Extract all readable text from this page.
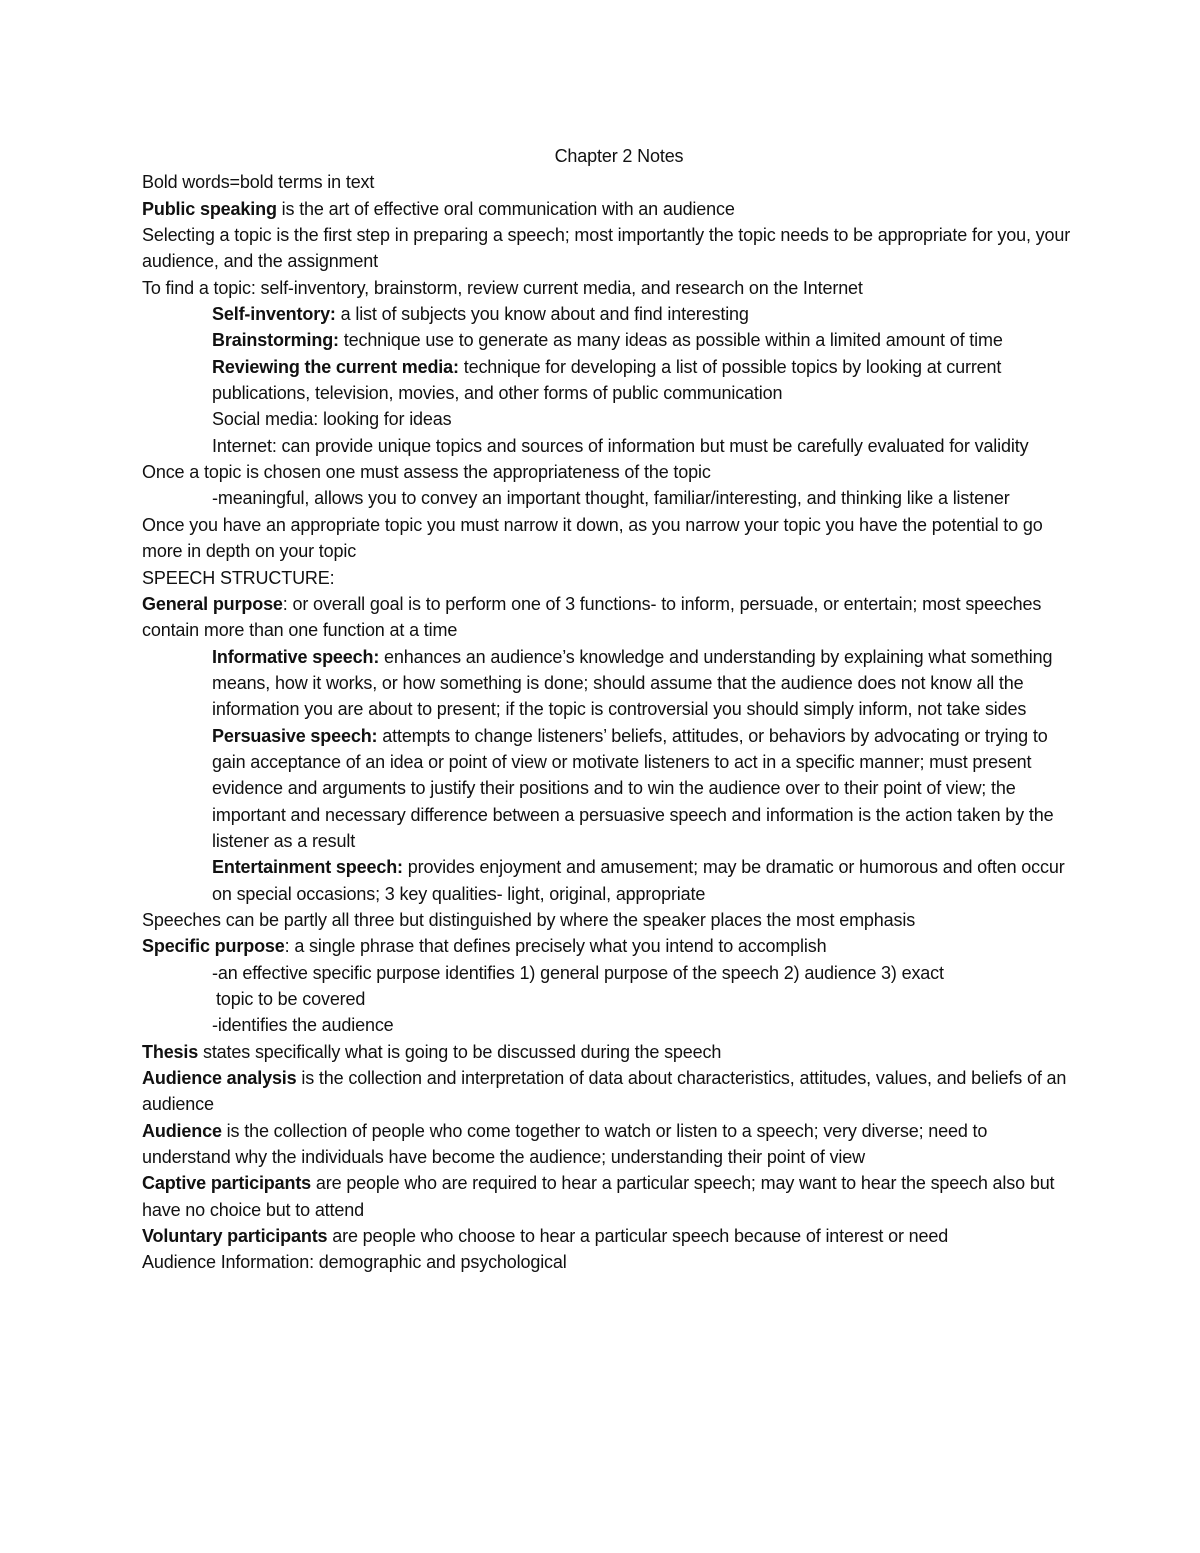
Chapter 2 Notes

Bold words=bold terms in text

Public speaking is the art of effective oral communication with an audience

Selecting a topic is the first step in preparing a speech; most importantly the topic needs to be appropriate for you, your audience, and the assignment

To find a topic: self-inventory, brainstorm, review current media, and research on the Internet

Self-inventory: a list of subjects you know about and find interesting

Brainstorming: technique use to generate as many ideas as possible within a limited amount of time

Reviewing the current media: technique for developing a list of possible topics by looking at current publications, television, movies, and other forms of public communication

Social media: looking for ideas

Internet: can provide unique topics and sources of information but must be carefully evaluated for validity

Once a topic is chosen one must assess the appropriateness of the topic

-meaningful, allows you to convey an important thought, familiar/interesting, and thinking like a listener

Once you have an appropriate topic you must narrow it down, as you narrow your topic you have the potential to go more in depth on your topic

SPEECH STRUCTURE:

General purpose: or overall goal is to perform one of 3 functions- to inform, persuade, or entertain; most speeches contain more than one function at a time

Informative speech: enhances an audience’s knowledge and understanding by explaining what something means, how it works, or how something is done; should assume that the audience does not know all the information you are about to present; if the topic is controversial you should simply inform, not take sides

Persuasive speech: attempts to change listeners’ beliefs, attitudes, or behaviors by advocating or trying to gain acceptance of an idea or point of view or motivate listeners to act in a specific manner; must present evidence and arguments to justify their positions and to win the audience over to their point of view; the important and necessary difference between a persuasive speech and information is the action taken by the listener as a result

Entertainment speech: provides enjoyment and amusement; may be dramatic or humorous and often occur on special occasions; 3 key qualities- light, original, appropriate

Speeches can be partly all three but distinguished by where the speaker places the most emphasis

Specific purpose: a single phrase that defines precisely what you intend to accomplish

-an effective specific purpose identifies 1) general purpose of the speech 2) audience 3) exact

topic to be covered

-identifies the audience

Thesis states specifically what is going to be discussed during the speech

Audience analysis is the collection and interpretation of data about characteristics, attitudes, values, and beliefs of an audience

Audience is the collection of people who come together to watch or listen to a speech; very diverse; need to understand why the individuals have become the audience; understanding their point of view

Captive participants are people who are required to hear a particular speech; may want to hear the speech also but have no choice but to attend

Voluntary participants are people who choose to hear a particular speech because of interest or need

Audience Information: demographic and psychological
